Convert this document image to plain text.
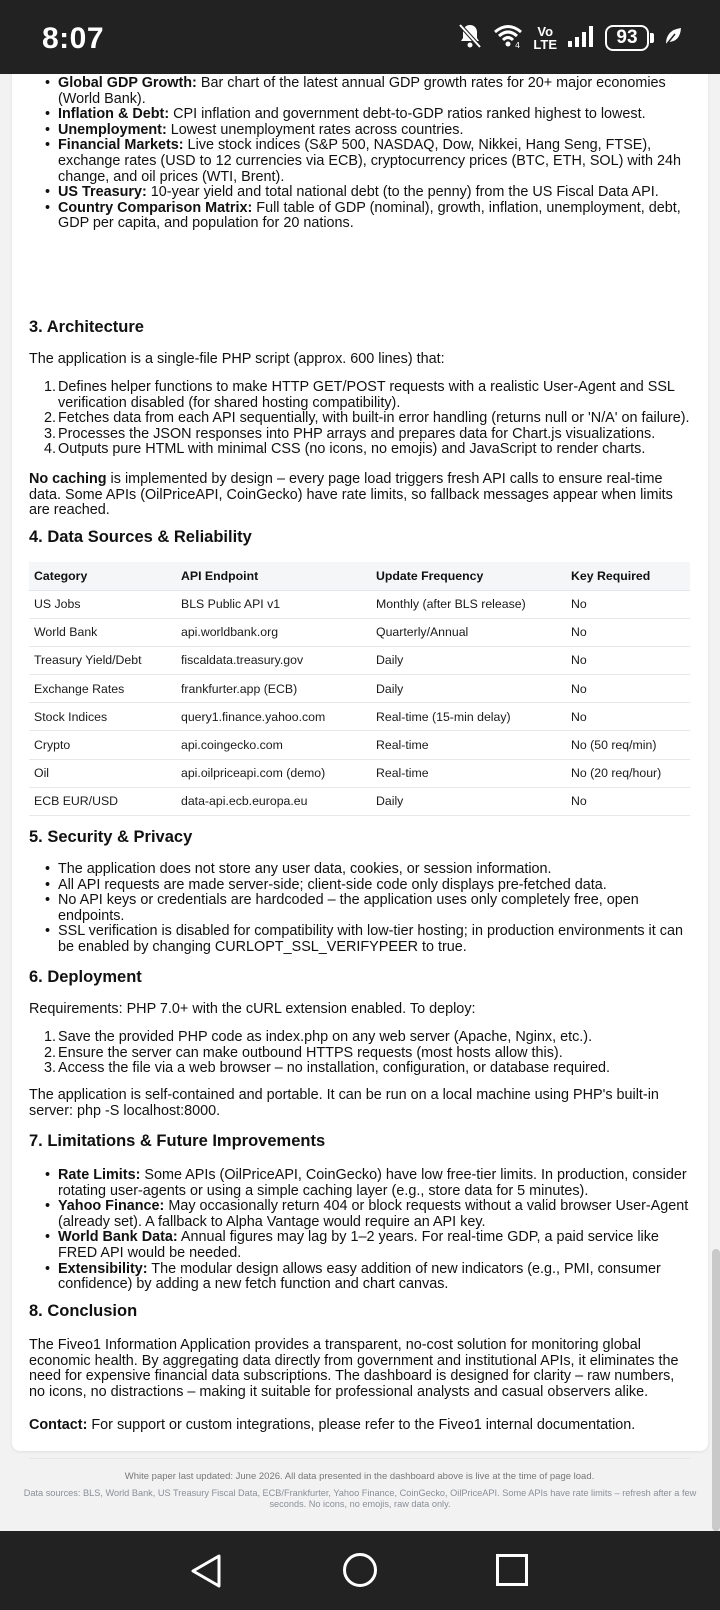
8:07	4
Vo
LTE	93
• Global GDP Growth: Bar chart of the latest annual GDP growth rates for 20+ major economies (World Bank).
• Inflation & Debt: CPI inflation and government debt-to-GDP ratios ranked highest to lowest.
• Unemployment: Lowest unemployment rates across countries.
• Financial Markets: Live stock indices (S&P 500, NASDAQ, Dow, Nikkei, Hang Seng, FTSE), exchange rates (USD to 12 currencies via ECB), cryptocurrency prices (BTC, ETH, SOL) with 24h change, and oil prices (WTI, Brent).
• US Treasury: 10-year yield and total national debt (to the penny) from the US Fiscal Data API.
• Country Comparison Matrix: Full table of GDP (nominal), growth, inflation, unemployment, debt, GDP per capita, and population for 20 nations.
3. Architecture

The application is a single-file PHP script (approx. 600 lines) that:

1. Defines helper functions to make HTTP GET/POST requests with a realistic User-Agent and SSL verification disabled (for shared hosting compatibility).
2. Fetches data from each API sequentially, with built-in error handling (returns null or 'N/A' on failure).
3. Processes the JSON responses into PHP arrays and prepares data for Chart.js visualizations.
4. Outputs pure HTML with minimal CSS (no icons, no emojis) and JavaScript to render charts.

No caching is implemented by design – every page load triggers fresh API calls to ensure real-time data. Some APIs (OilPriceAPI, CoinGecko) have rate limits, so fallback messages appear when limits are reached.

4. Data Sources & Reliability
Category	API Endpoint	Update Frequency	Key Required
US Jobs	BLS Public API v1	Monthly (after BLS release)	No
World Bank	api.worldbank.org	Quarterly/Annual	No
Treasury Yield/Debt	fiscaldata.treasury.gov	Daily	No
Exchange Rates	frankfurter.app (ECB)	Daily	No
Stock Indices	query1.finance.yahoo.com	Real-time (15-min delay)	No
Crypto	api.coingecko.com	Real-time	No (50 req/min)
Oil	api.oilpriceapi.com (demo)	Real-time	No (20 req/hour)
ECB EUR/USD	data-api.ecb.europa.eu	Daily	No
5. Security & Privacy
• The application does not store any user data, cookies, or session information.
• All API requests are made server-side; client-side code only displays pre-fetched data.
• No API keys or credentials are hardcoded – the application uses only completely free, open endpoints.
• SSL verification is disabled for compatibility with low-tier hosting; in production environments it can be enabled by changing CURLOPT_SSL_VERIFYPEER to true.
6. Deployment

Requirements: PHP 7.0+ with the cURL extension enabled. To deploy:

1. Save the provided PHP code as index.php on any web server (Apache, Nginx, etc.).
2. Ensure the server can make outbound HTTPS requests (most hosts allow this).
3. Access the file via a web browser – no installation, configuration, or database required.

The application is self-contained and portable. It can be run on a local machine using PHP's built-in server: php -S localhost:8000.

7. Limitations & Future Improvements
• Rate Limits: Some APIs (OilPriceAPI, CoinGecko) have low free-tier limits. In production, consider rotating user-agents or using a simple caching layer (e.g., store data for 5 minutes).
• Yahoo Finance: May occasionally return 404 or block requests without a valid browser User-Agent (already set). A fallback to Alpha Vantage would require an API key.
• World Bank Data: Annual figures may lag by 1–2 years. For real-time GDP, a paid service like FRED API would be needed.
• Extensibility: The modular design allows easy addition of new indicators (e.g., PMI, consumer confidence) by adding a new fetch function and chart canvas.
8. Conclusion

The Fiveo1 Information Application provides a transparent, no-cost solution for monitoring global economic health. By aggregating data directly from government and institutional APIs, it eliminates the need for expensive financial data subscriptions. The dashboard is designed for clarity – raw numbers, no icons, no distractions – making it suitable for professional analysts and casual observers alike.

Contact: For support or custom integrations, please refer to the Fiveo1 internal documentation.

White paper last updated: June 2026. All data presented in the dashboard above is live at the time of page load.
Data sources: BLS, World Bank, US Treasury Fiscal Data, ECB/Frankfurter, Yahoo Finance, CoinGecko, OilPriceAPI. Some APIs have rate limits – refresh after a few seconds. No icons, no emojis, raw data only.
